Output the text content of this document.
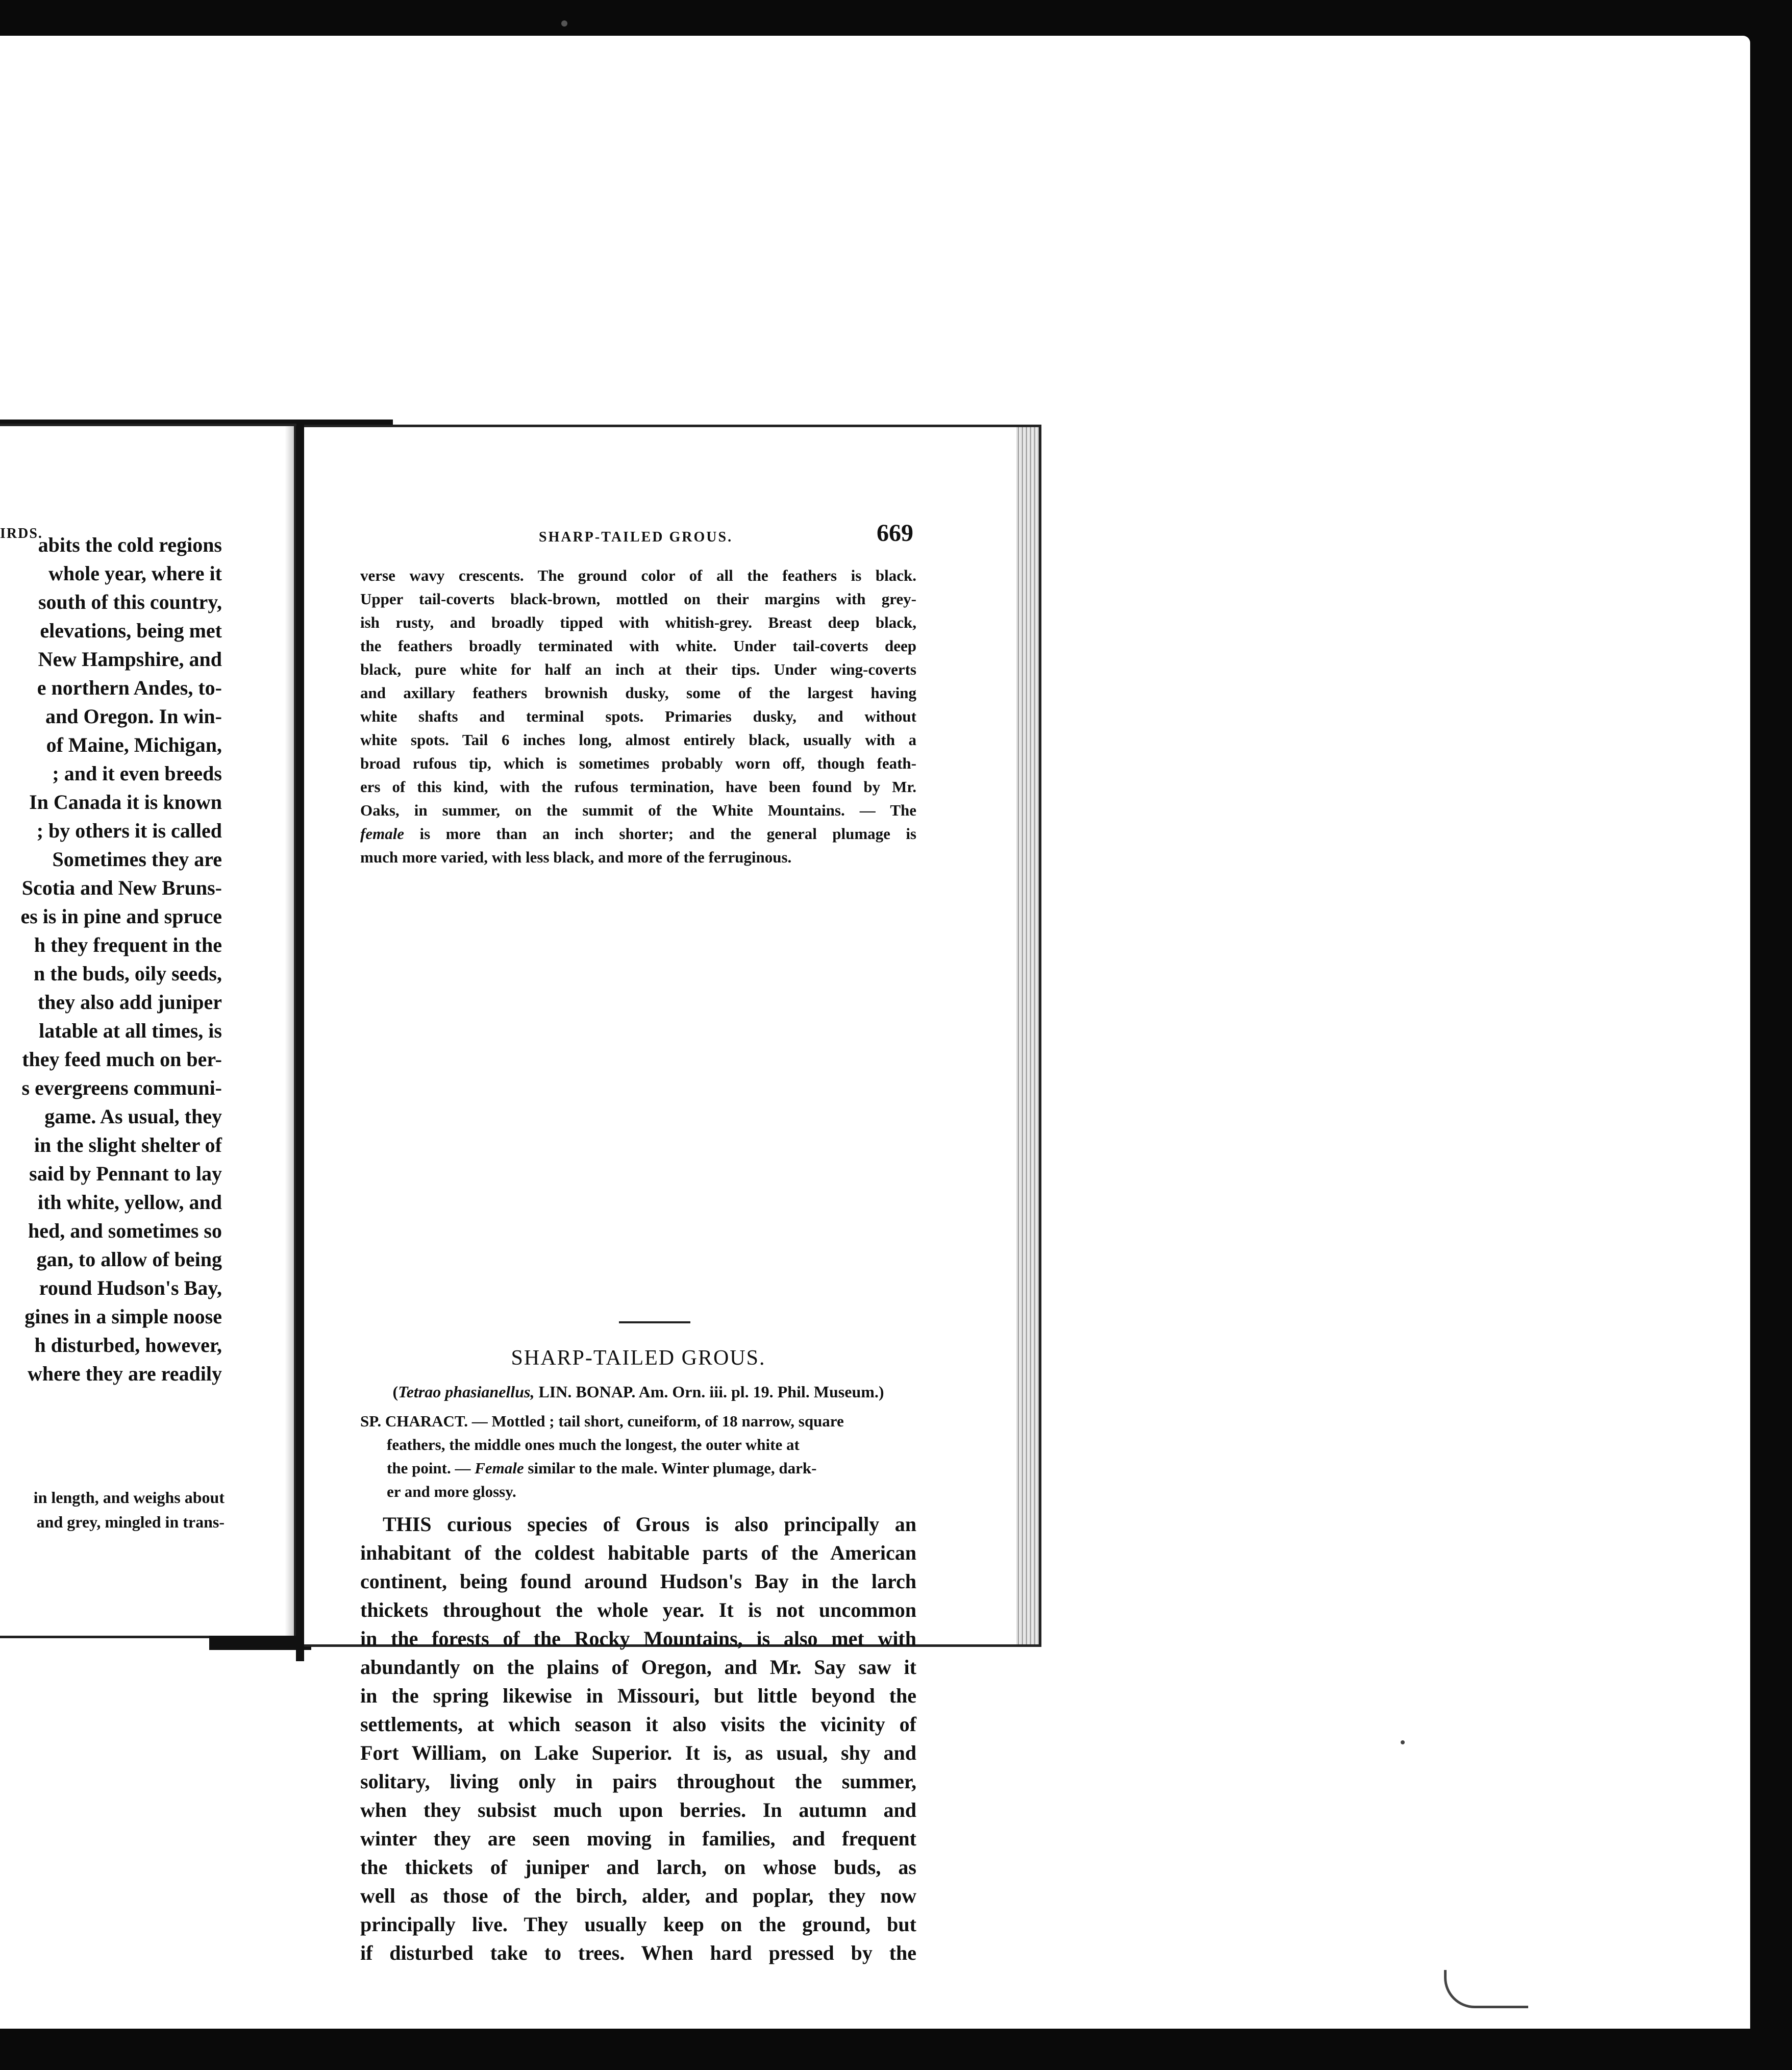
IRDS.
abits the cold regions
whole year, where it
south of this country,
elevations, being met
New Hampshire, and
e northern Andes, to-
and Oregon. In win-
of Maine, Michigan,
; and it even breeds
In Canada it is known
; by others it is called
Sometimes they are
Scotia and New Bruns-
es is in pine and spruce
h they frequent in the
n the buds, oily seeds,
they also add juniper
latable at all times, is
they feed much on ber-
s evergreens communi-
game. As usual, they
in the slight shelter of
said by Pennant to lay
ith white, yellow, and
hed, and sometimes so
gan, to allow of being
round Hudson's Bay,
gines in a simple noose
h disturbed, however,
where they are readily
in length, and weighs about
and grey, mingled in trans-
SHARP-TAILED GROUS.	669
verse wavy crescents. The ground color of all the feathers is black.
Upper tail-coverts black-brown, mottled on their margins with grey-
ish rusty, and broadly tipped with whitish-grey. Breast deep black,
the feathers broadly terminated with white. Under tail-coverts deep
black, pure white for half an inch at their tips. Under wing-coverts
and axillary feathers brownish dusky, some of the largest having
white shafts and terminal spots. Primaries dusky, and without
white spots. Tail 6 inches long, almost entirely black, usually with a
broad rufous tip, which is sometimes probably worn off, though feath-
ers of this kind, with the rufous termination, have been found by Mr.
Oaks, in summer, on the summit of the White Mountains. — The
female is more than an inch shorter; and the general plumage is
much more varied, with less black, and more of the ferruginous.
SHARP-TAILED GROUS.
(Tetrao phasianellus, LIN. BONAP. Am. Orn. iii. pl. 19. Phil. Museum.)
SP. CHARACT. — Mottled ; tail short, cuneiform, of 18 narrow, square
feathers, the middle ones much the longest, the outer white at
the point. — Female similar to the male. Winter plumage, dark-
er and more glossy.
THIS curious species of Grous is also principally an
inhabitant of the coldest habitable parts of the American
continent, being found around Hudson's Bay in the larch
thickets throughout the whole year. It is not uncommon
in the forests of the Rocky Mountains, is also met with
abundantly on the plains of Oregon, and Mr. Say saw it
in the spring likewise in Missouri, but little beyond the
settlements, at which season it also visits the vicinity of
Fort William, on Lake Superior. It is, as usual, shy and
solitary, living only in pairs throughout the summer,
when they subsist much upon berries. In autumn and
winter they are seen moving in families, and frequent
the thickets of juniper and larch, on whose buds, as
well as those of the birch, alder, and poplar, they now
principally live. They usually keep on the ground, but
if disturbed take to trees. When hard pressed by the
